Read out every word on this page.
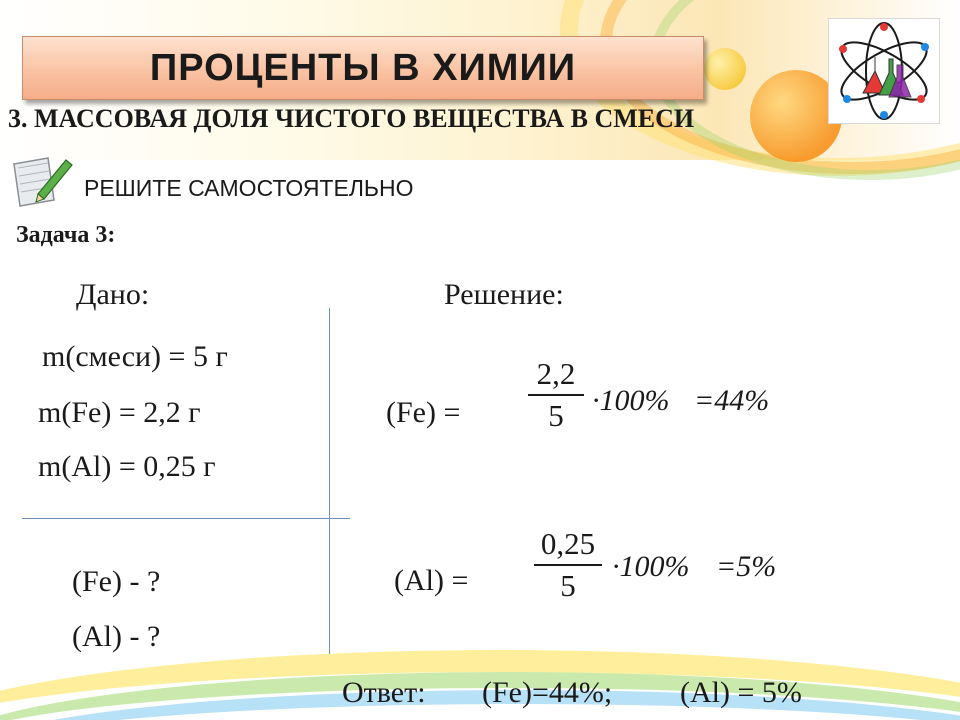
ПРОЦЕНТЫ В ХИМИИ
3. МАССОВАЯ ДОЛЯ ЧИСТОГО ВЕЩЕСТВА В СМЕСИ
РЕШИТЕ САМОСТОЯТЕЛЬНО
Задача 3:
Дано:
m(смеси) = 5 г
m(Fe) = 2,2 г
m(Al) = 0,25 г
(Fe) - ?
(Al) - ?
Решение:
(Fe) =
2,2
5 ·100% =44%
(Al) =
0,25
5
·100% =5%
Ответ: (Fe)=44%; (Al) = 5%
